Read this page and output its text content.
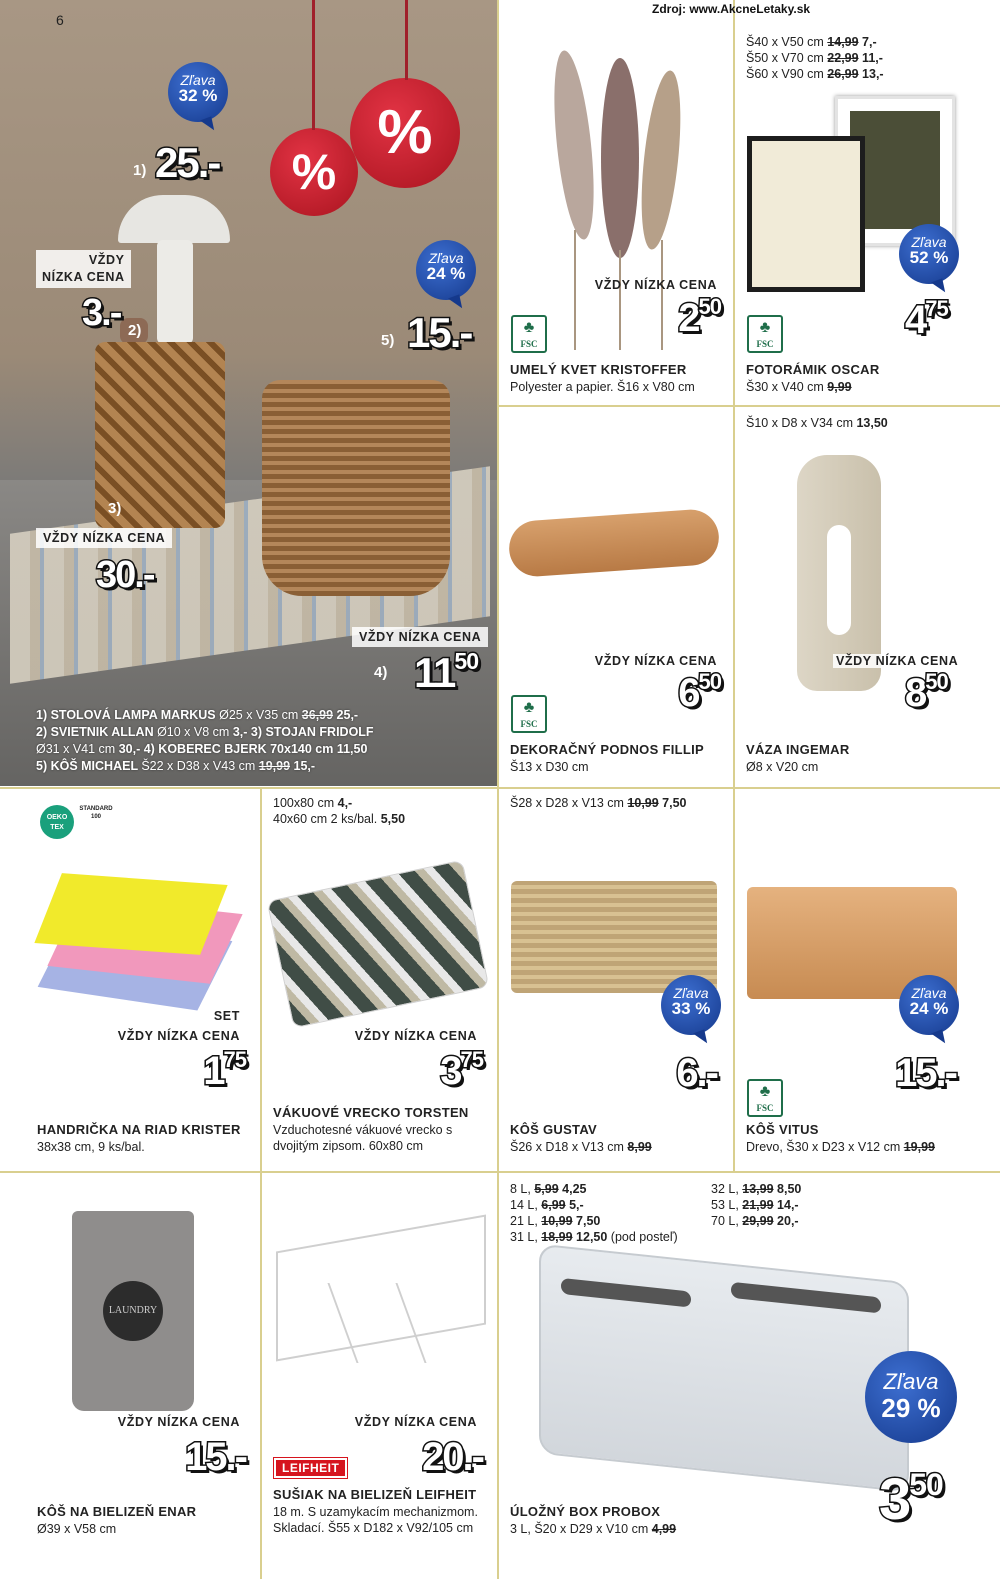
6
%
%
Zľava
32 %
1) 25.-
VŽDY
NÍZKA CENA
3.- 2)
3)
VŽDY NÍZKA CENA
30.-
Zľava
24 %
5) 15.-
VŽDY NÍZKA CENA
4) $11^{50}$
1) STOLOVÁ LAMPA MARKUS Ø25 x V35 cm 36,99 25,-
2) SVIETNIK ALLAN Ø10 x V8 cm 3,- 3) STOJAN FRIDOLF
Ø31 x V41 cm 30,- 4) KOBEREC BJERK 70x140 cm 11,50
5) KÔŠ MICHAEL Š22 x D38 x V43 cm 19,99 15,-
Zdroj: www.AkcneLetaky.sk
VŽDY NÍZKA CENA
$2^{50}$
♣
FSC
UMELÝ KVET KRISTOFFER
Polyester a papier. Š16 x V80 cm
Š40 x V50 cm 14,99 7,-
Š50 x V70 cm 22,99 11,-
Š60 x V90 cm 26,99 13,-
Zľava
52 %
$4^{75}$
♣
FSC
FOTORÁMIK OSCAR
Š30 x V40 cm 9,99
VŽDY NÍZKA CENA
$6^{50}$
♣
FSC
DEKORAČNÝ PODNOS FILLIP
Š13 x D30 cm
Š10 x D8 x V34 cm 13,50
VŽDY NÍZKA CENA
$8^{50}$
VÁZA INGEMAR
Ø8 x V20 cm
OEKO TEX
STANDARD 100
SET
VŽDY NÍZKA CENA
$1^{75}$
HANDRIČKA NA RIAD KRISTER
38x38 cm, 9 ks/bal.
100x80 cm 4,-
40x60 cm 2 ks/bal. 5,50
VŽDY NÍZKA CENA
$3^{75}$
VÁKUOVÉ VRECKO TORSTEN
Vzduchotesné vákuové vrecko s
dvojitým zipsom. 60x80 cm
Š28 x D28 x V13 cm 10,99 7,50
Zľava
33 %
6.-
KÔŠ GUSTAV
Š26 x D18 x V13 cm 8,99
Zľava
24 %
15.-
♣
FSC
KÔŠ VITUS
Drevo, Š30 x D23 x V12 cm 19,99
LAUNDRY
VŽDY NÍZKA CENA
15.-
KÔŠ NA BIELIZEŇ ENAR
Ø39 x V58 cm
VŽDY NÍZKA CENA
20.-
LEIFHEIT
SUŠIAK NA BIELIZEŇ LEIFHEIT
18 m. S uzamykacím mechanizmom.
Skladací. Š55 x D182 x V92/105 cm
8 L, 5,99 4,25
14 L, 6,99 5,-
21 L, 10,99 7,50
31 L, 18,99 12,50 (pod posteľ)
32 L, 13,99 8,50
53 L, 21,99 14,-
70 L, 29,99 20,-
Zľava
29 %
$3^{50}$
ÚLOŽNÝ BOX PROBOX
3 L, Š20 x D29 x V10 cm 4,99
